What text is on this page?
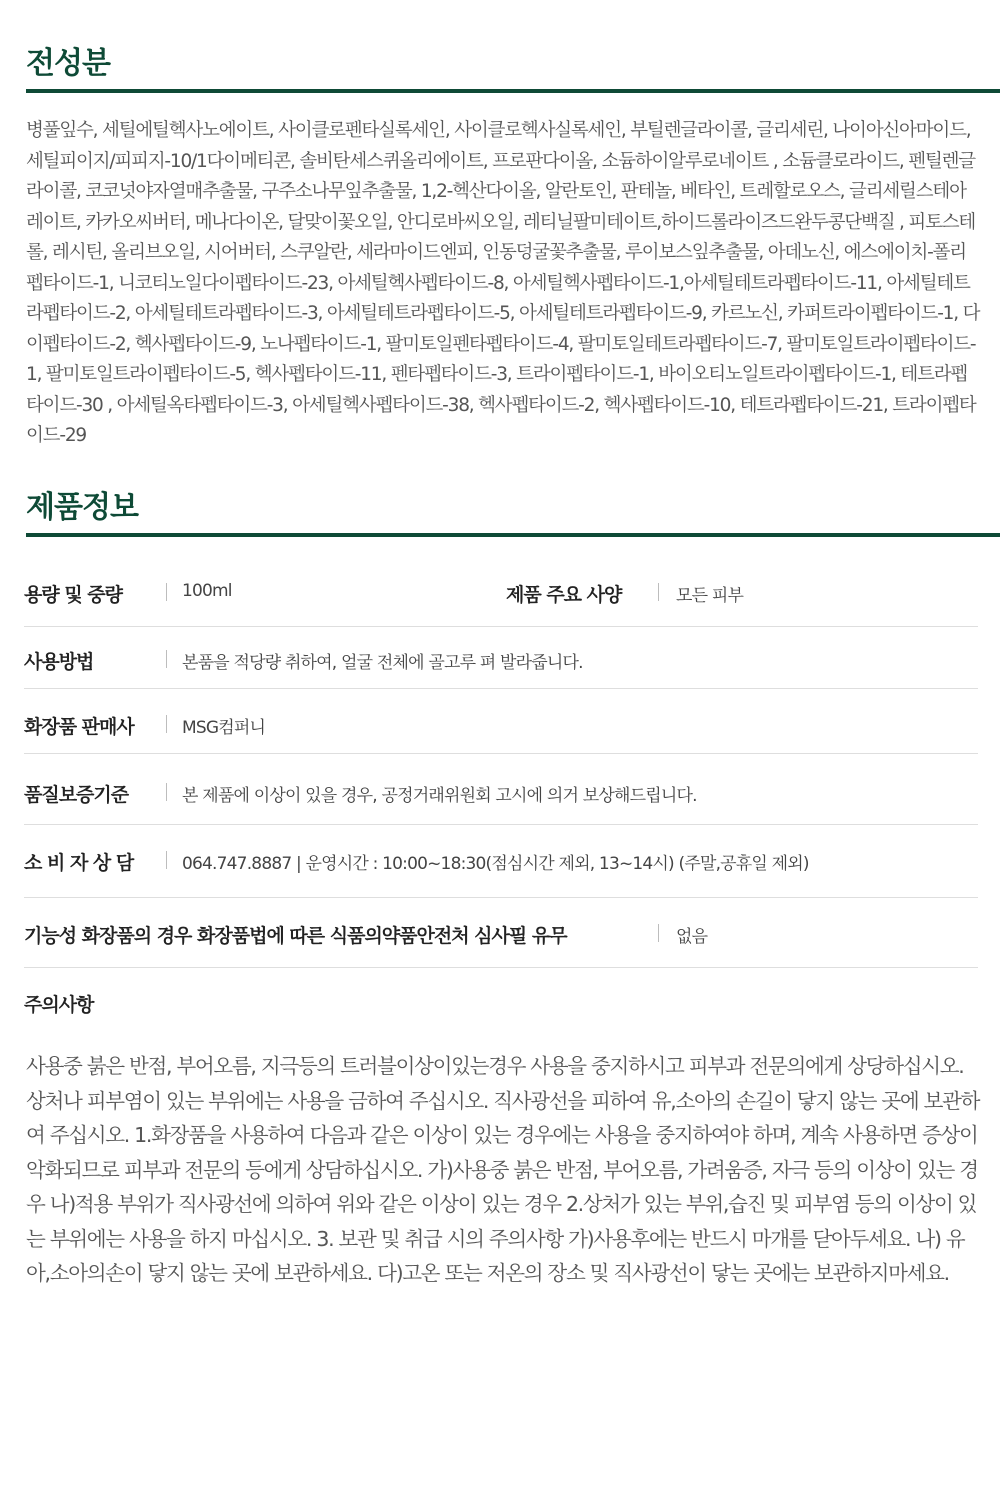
전성분

병풀잎수, 세틸에틸헥사노에이트, 사이클로펜타실록세인, 사이클로헥사실록세인, 부틸렌글라이콜, 글리세린, 나이아신아마이드, 세틸피이지/피피지-10/1다이메티콘, 솔비탄세스퀴올리에이트, 프로판다이올, 소듐하이알루로네이트 , 소듐클로라이드, 펜틸렌글라이콜, 코코넛야자열매추출물, 구주소나무잎추출물, 1,2-헥산다이올, 알란토인, 판테놀, 베타인, 트레할로오스, 글리세릴스테아레이트, 카카오씨버터, 메나다이온, 달맞이꽃오일, 안디로바씨오일, 레티닐팔미테이트,하이드롤라이즈드완두콩단백질 , 피토스테롤, 레시틴, 올리브오일, 시어버터, 스쿠알란, 세라마이드엔피, 인동덩굴꽃추출물, 루이보스잎추출물, 아데노신, 에스에이치-폴리펩타이드-1, 니코티노일다이펩타이드-23, 아세틸헥사펩타이드-8, 아세틸헥사펩타이드-1,아세틸테트라펩타이드-11, 아세틸테트라펩타이드-2, 아세틸테트라펩타이드-3, 아세틸테트라펩타이드-5, 아세틸테트라펩타이드-9, 카르노신, 카퍼트라이펩타이드-1, 다이펩타이드-2, 헥사펩타이드-9, 노나펩타이드-1, 팔미토일펜타펩타이드-4, 팔미토일테트라펩타이드-7, 팔미토일트라이펩타이드-1, 팔미토일트라이펩타이드-5, 헥사펩타이드-11, 펜타펩타이드-3, 트라이펩타이드-1, 바이오티노일트라이펩타이드-1, 테트라펩타이드-30 , 아세틸옥타펩타이드-3, 아세틸헥사펩타이드-38, 헥사펩타이드-2, 헥사펩타이드-10, 테트라펩타이드-21, 트라이펩타이드-29

제품정보
용량 및 중량	100ml	제품 주요 사양	모든 피부
사용방법	본품을 적당량 취하여, 얼굴 전체에 골고루 펴 발라줍니다.
화장품 판매사	MSG컴퍼니
품질보증기준	본 제품에 이상이 있을 경우, 공정거래위원회 고시에 의거 보상해드립니다.
소 비 자 상 담	064.747.8887 | 운영시간 : 10:00~18:30(점심시간 제외, 13~14시) (주말,공휴일 제외)
기능성 화장품의 경우 화장품법에 따른 식품의약품안전처 심사필 유무	없음
주의사항

사용중 붉은 반점, 부어오름, 지극등의 트러블이상이있는경우 사용을 중지하시고 피부과 전문의에게 상당하십시오. 상처나 피부염이 있는 부위에는 사용을 금하여 주십시오. 직사광선을 피하여 유,소아의 손길이 닿지 않는 곳에 보관하여 주십시오. 1.화장품을 사용하여 다음과 같은 이상이 있는 경우에는 사용을 중지하여야 하며, 계속 사용하면 증상이 악화되므로 피부과 전문의 등에게 상담하십시오. 가)사용중 붉은 반점, 부어오름, 가려움증, 자극 등의 이상이 있는 경우 나)적용 부위가 직사광선에 의하여 위와 같은 이상이 있는 경우 2.상처가 있는 부위,습진 및 피부염 등의 이상이 있는 부위에는 사용을 하지 마십시오. 3. 보관 및 취급 시의 주의사항 가)사용후에는 반드시 마개를 닫아두세요. 나) 유아,소아의손이 닿지 않는 곳에 보관하세요. 다)고온 또는 저온의 장소 및 직사광선이 닿는 곳에는 보관하지마세요.
